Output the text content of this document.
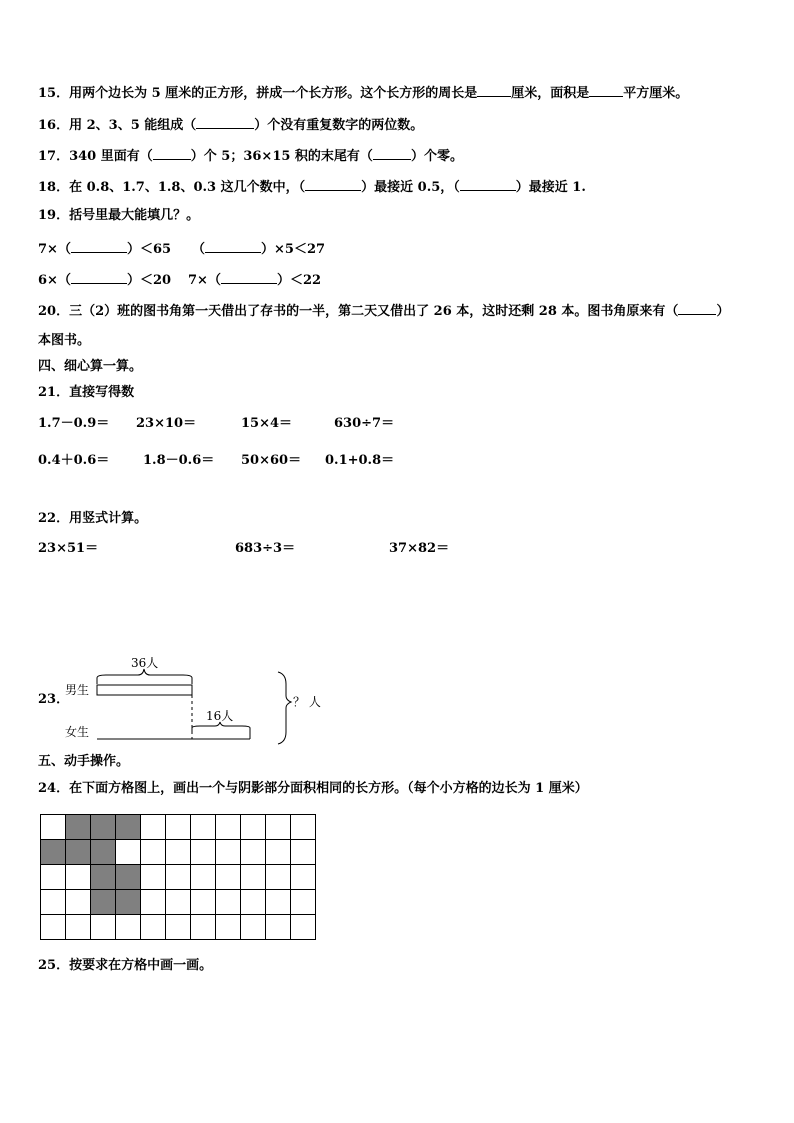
15．用两个边长为 5 厘米的正方形，拼成一个长方形。这个长方形的周长是	厘米，面积是	平方厘米。
16．用 2、3、5 能组成（	）个没有重复数字的两位数。
17．340 里面有（	）个 5；36×15 积的末尾有（	）个零。
18．在 0.8、1.7、1.8、0.3 这几个数中，（	）最接近 0.5，（	）最接近 1.
19．括号里最大能填几？。
7×（	）＜65 （	）×5＜27
6×（	）＜20 7×（	）＜22
20．三（2）班的图书角第一天借出了存书的一半，第二天又借出了 26 本，这时还剩 28 本。图书角原来有（	）
本图书。
四、细心算一算。
21．直接写得数
1.7－0.9＝ 23×10＝	15×4＝	630÷7＝
0.4＋0.6＝	1.8－0.6＝ 50×60＝ 0.1+0.8＝
22．用竖式计算。
23×51＝	683÷3＝	37×82＝
23．
36人
男生
16人
女生
？ 人
五、动手操作。
24．在下面方格图上，画出一个与阴影部分面积相同的长方形。（每个小方格的边长为 1 厘米）
25．按要求在方格中画一画。
